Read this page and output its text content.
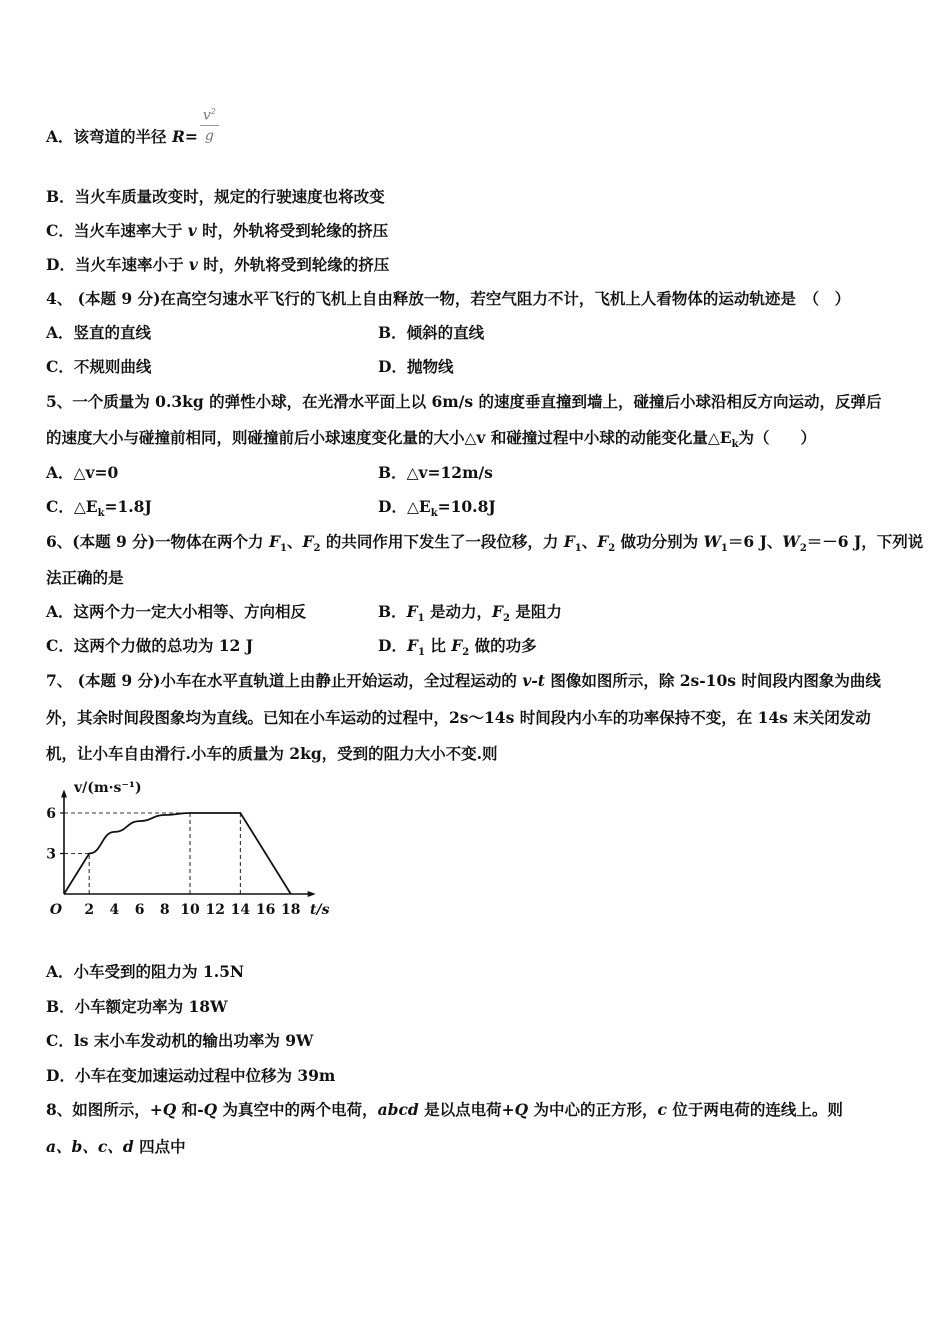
A．该弯道的半径 $R= \frac{v^2}{g}$
B．当火车质量改变时，规定的行驶速度也将改变
C．当火车速率大于 v 时，外轨将受到轮缘的挤压
D．当火车速率小于 v 时，外轨将受到轮缘的挤压
4、 (本题 9 分)在高空匀速水平飞行的飞机上自由释放一物，若空气阻力不计，飞机上人看物体的运动轨迹是　（　）
A．竖直的直线	B．倾斜的直线
C．不规则曲线	D．抛物线
5、一个质量为 0.3kg 的弹性小球，在光滑水平面上以 6m/s 的速度垂直撞到墙上，碰撞后小球沿相反方向运动，反弹后
的速度大小与碰撞前相同，则碰撞前后小球速度变化量的大小△v 和碰撞过程中小球的动能变化量$\triangle E_k$为（　　）
A．△v=0	B．△v=12m/s
C．$\triangle E_k=1.8J$	D．$\triangle E_k=10.8J$
6、(本题 9 分)一物体在两个力 $F_1$、$F_2$ 的共同作用下发生了一段位移，力 $F_1$、$F_2$ 做功分别为 $W_1=6$ J、$W_2=-6$ J，下列说
法正确的是
A．这两个力一定大小相等、方向相反	B．$F_1$ 是动力，$F_2$ 是阻力
C．这两个力做的总功为 12 J	D．$F_1$ 比 $F_2$ 做的功多
7、 (本题 9 分)小车在水平直轨道上由静止开始运动，全过程运动的 v-t 图像如图所示，除 2s-10s 时间段内图象为曲线
外，其余时间段图象均为直线。已知在小车运动的过程中，2s～14s 时间段内小车的功率保持不变，在 14s 末关闭发动
机，让小车自由滑行.小车的质量为 2kg，受到的阻力大小不变.则
O 2 4 6 8 10 12 14 16 18
3
6
v/(m·s⁻¹)
t/s
A．小车受到的阻力为 1.5N
B．小车额定功率为 18W
C．ls 末小车发动机的输出功率为 9W
D．小车在变加速运动过程中位移为 39m
8、如图所示，+Q 和-Q 为真空中的两个电荷，abcd 是以点电荷+Q 为中心的正方形，c 位于两电荷的连线上。则
a、b、c、d 四点中
